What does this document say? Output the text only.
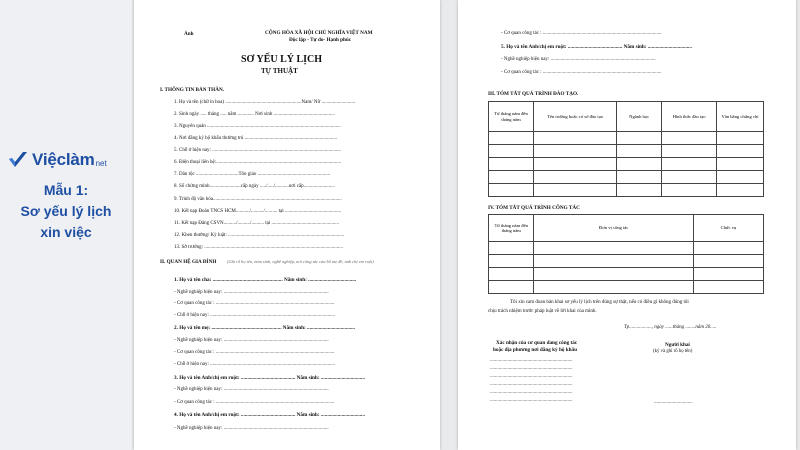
Việclàm net
Mẫu 1:
Sơ yếu lý lịch
xin việc
Ảnh	CỘNG HÒA XÃ HỘI CHỦ NGHĨA VIỆT NAM
Độc lập - Tự do- Hạnh phúc
SƠ YẾU LÝ LỊCH
TỰ THUẬT
I. THÔNG TIN BẢN THÂN.
1. Họ và tên (chữ in hoa) .............................................................Nam/ Nữ ...........................
2. Sinh ngày ..... tháng ..... năm ............. Nơi sinh .................................................
3. Nguyên quán ...........................................................................................................
4. Nơi đăng ký hộ khẩu thường trú ..........................................................................
5. Chỗ ở hiện nay: .......................................................................................................
6. Điện thoại liên hệ:....................................................................................................
7. Dân tộc ..................................Tôn giáo ..........................................................
8. Số chứng minh.........................cấp ngày ...../...../...........nơi cấp.........................
9. Trình độ văn hóa.......................................................................................................
10. Kết nạp Đoàn TNCS HCM.........../........../.......... tại .............................................
11. Kết nạp Đảng CSVN........../........../.......... tại ......................................................
12. Khen thưởng/ Kỷ luật: .............................................................................................
13. Sở trường: ...............................................................................................................
- Nghề nghiệp hiện nay: ....................................................................................
- Cơ quan công tác : ...............................................................................................
- Chỗ ở hiện nay: ....................................................................................................
- Nghề nghiệp hiện nay: ....................................................................................
- Cơ quan công tác : ...............................................................................................
- Chỗ ở hiện nay: ....................................................................................................
- Nghề nghiệp hiện nay: ....................................................................................
- Cơ quan công tác : ...............................................................................................
- Nghề nghiệp hiện nay: ....................................................................................
II. QUAN HỆ GIA ĐÌNH (Ghi rõ họ tên, năm sinh, nghề nghiệp, nơi công tác của bố mẹ đẻ, anh chị em ruột)
1. Họ và tên cha: ...................................................... Năm sinh: .....................................
2. Họ và tên mẹ: ...................................................... Năm sinh: .....................................
3. Họ và tên Anh/chị em ruột: .......................................... Năm sinh: ..................................
4. Họ và tên Anh/chị em ruột: .......................................... Năm sinh: ..................................
- Cơ quan công tác : ...............................................................................................
5. Họ và tên Anh/chị em ruột: .......................................... Năm sinh: ..................................
- Nghề nghiệp hiện nay: ....................................................................................
- Cơ quan công tác : ...............................................................................................
III. TÓM TẮT QUÁ TRÌNH ĐÀO TẠO.
Từ tháng năm đến tháng năm	Tên trường hoặc cơ sở đào tạo	Ngành học	Hình thức đào tạo	Văn bằng chứng chỉ

IV. TÓM TẮT QUÁ TRÌNH CÔNG TÁC
Từ tháng năm đến tháng năm	Đơn vị công tác	Chức vụ

Tôi xin cam đoan bản khai sơ yếu lý lịch trên đúng sự thật, nếu có điều gì không đúng tôi
chịu trách nhiệm trước pháp luật về lời khai của mình.
Tp.................., ngày ......tháng ........năm 20.....
Xác nhận của cơ quan đang công tác
hoặc địa phương nơi đăng ký hộ khẩu
Người khai
(ký và ghi rõ họ tên)
..................................................................
..................................................................
..................................................................
..................................................................
..................................................................
..................................................................	...............................
